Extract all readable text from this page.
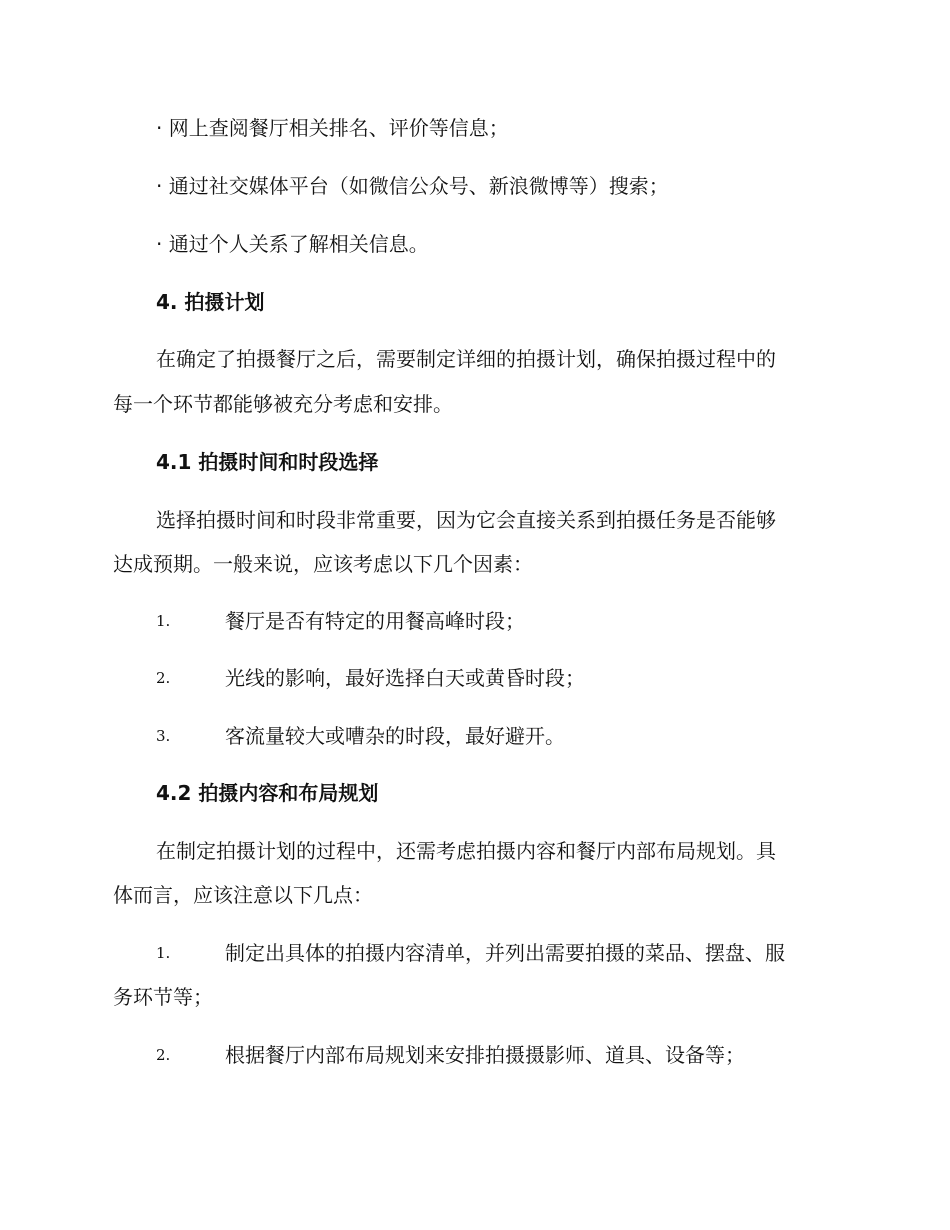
· 网上查阅餐厅相关排名、评价等信息；
· 通过社交媒体平台（如微信公众号、新浪微博等）搜索；
· 通过个人关系了解相关信息。
4. 拍摄计划
在确定了拍摄餐厅之后，需要制定详细的拍摄计划，确保拍摄过程中的
每一个环节都能够被充分考虑和安排。
4.1 拍摄时间和时段选择
选择拍摄时间和时段非常重要，因为它会直接关系到拍摄任务是否能够
达成预期。一般来说，应该考虑以下几个因素：
1.	餐厅是否有特定的用餐高峰时段；
2.	光线的影响，最好选择白天或黄昏时段；
3.	客流量较大或嘈杂的时段，最好避开。
4.2 拍摄内容和布局规划
在制定拍摄计划的过程中，还需考虑拍摄内容和餐厅内部布局规划。具
体而言，应该注意以下几点：
1.	制定出具体的拍摄内容清单，并列出需要拍摄的菜品、摆盘、服
务环节等；
2.	根据餐厅内部布局规划来安排拍摄摄影师、道具、设备等；
